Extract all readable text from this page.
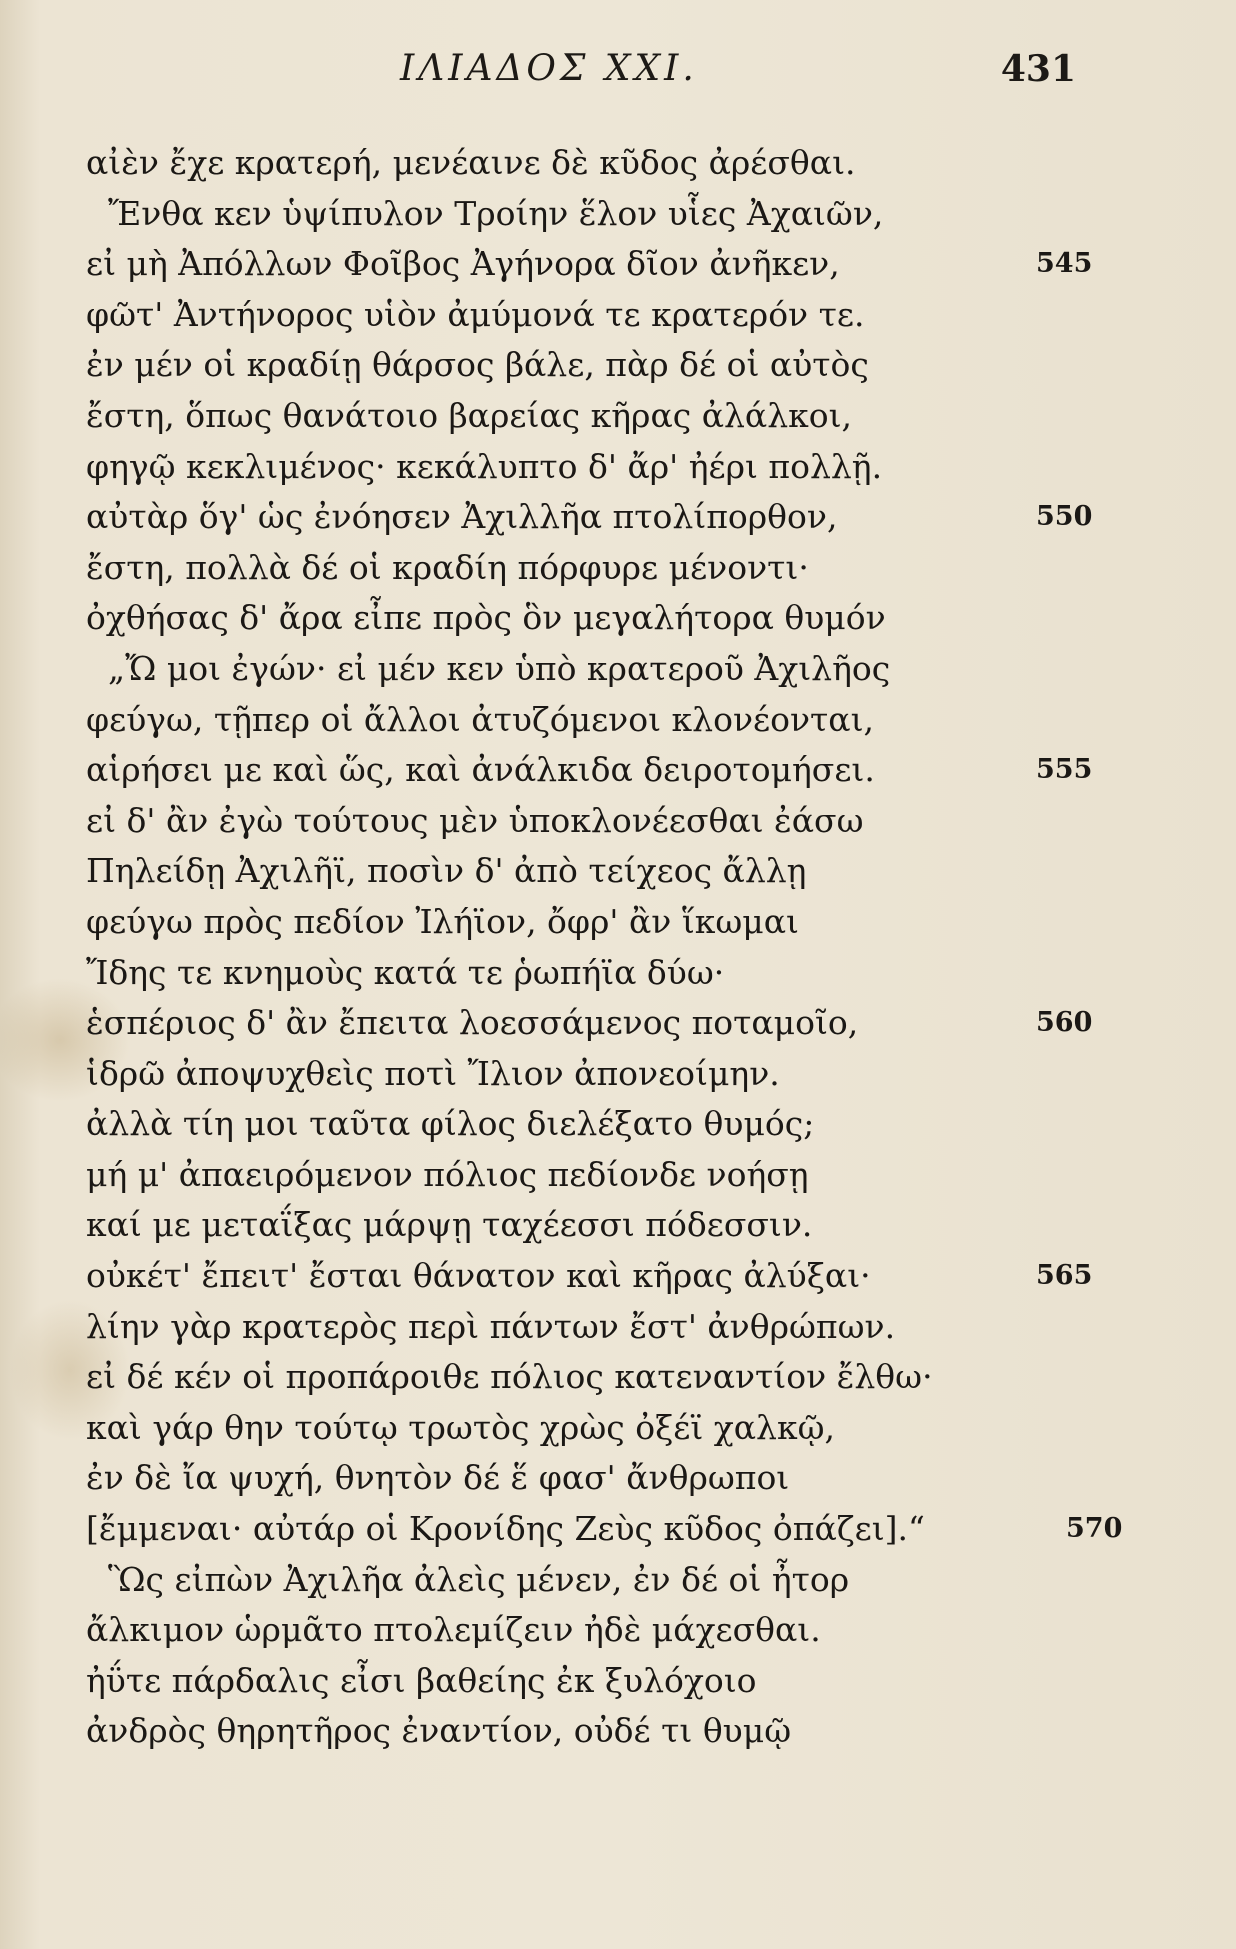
ΙΛΙΑΔΟΣ XXI.	431
αἰὲν ἔχε κρατερή, μενέαινε δὲ κῦδος ἀρέσθαι.
Ἔνθα κεν ὑψίπυλον Τροίην ἕλον υἷες Ἀχαιῶν,
εἰ μὴ Ἀπόλλων Φοῖβος Ἀγήνορα δῖον ἀνῆκεν,	545
φῶτ' Ἀντήνορος υἱὸν ἀμύμονά τε κρατερόν τε.
ἐν μέν οἱ κραδίῃ θάρσος βάλε, πὰρ δέ οἱ αὐτὸς
ἔστη, ὅπως θανάτοιο βαρείας κῆρας ἀλάλκοι,
φηγῷ κεκλιμένος· κεκάλυπτο δ' ἄρ' ἠέρι πολλῇ.
αὐτὰρ ὅγ' ὡς ἐνόησεν Ἀχιλλῆα πτολίπορθον,	550
ἔστη, πολλὰ δέ οἱ κραδίη πόρφυρε μένοντι·
ὀχθήσας δ' ἄρα εἶπε πρὸς ὃν μεγαλήτορα θυμόν
„Ὤ μοι ἐγών· εἰ μέν κεν ὑπὸ κρατεροῦ Ἀχιλῆος
φεύγω, τῇπερ οἱ ἄλλοι ἀτυζόμενοι κλονέονται,
αἱρήσει με καὶ ὥς, καὶ ἀνάλκιδα δειροτομήσει.	555
εἰ δ' ἂν ἐγὼ τούτους μὲν ὑποκλονέεσθαι ἐάσω
Πηλείδῃ Ἀχιλῆϊ, ποσὶν δ' ἀπὸ τείχεος ἄλλῃ
φεύγω πρὸς πεδίον Ἰλήϊον, ὄφρ' ἂν ἵκωμαι
Ἴδης τε κνημοὺς κατά τε ῥωπήϊα δύω·
ἑσπέριος δ' ἂν ἔπειτα λοεσσάμενος ποταμοῖο,	560
ἱδρῶ ἀποψυχθεὶς ποτὶ Ἴλιον ἀπονεοίμην.
ἀλλὰ τίη μοι ταῦτα φίλος διελέξατο θυμός;
μή μ' ἀπαειρόμενον πόλιος πεδίονδε νοήσῃ
καί με μεταΐξας μάρψῃ ταχέεσσι πόδεσσιν.
οὐκέτ' ἔπειτ' ἔσται θάνατον καὶ κῆρας ἀλύξαι·	565
λίην γὰρ κρατερὸς περὶ πάντων ἔστ' ἀνθρώπων.
εἰ δέ κέν οἱ προπάροιθε πόλιος κατεναντίον ἔλθω·
καὶ γάρ θην τούτῳ τρωτὸς χρὼς ὀξέϊ χαλκῷ,
ἐν δὲ ἴα ψυχή, θνητὸν δέ ἕ φασ' ἄνθρωποι
[ἔμμεναι· αὐτάρ οἱ Κρονίδης Ζεὺς κῦδος ὀπάζει].“	570
Ὣς εἰπὼν Ἀχιλῆα ἀλεὶς μένεν, ἐν δέ οἱ ἦτορ
ἄλκιμον ὡρμᾶτο πτολεμίζειν ἠδὲ μάχεσθαι.
ἠΰτε πάρδαλις εἶσι βαθείης ἐκ ξυλόχοιο
ἀνδρὸς θηρητῆρος ἐναντίον, οὐδέ τι θυμῷ
